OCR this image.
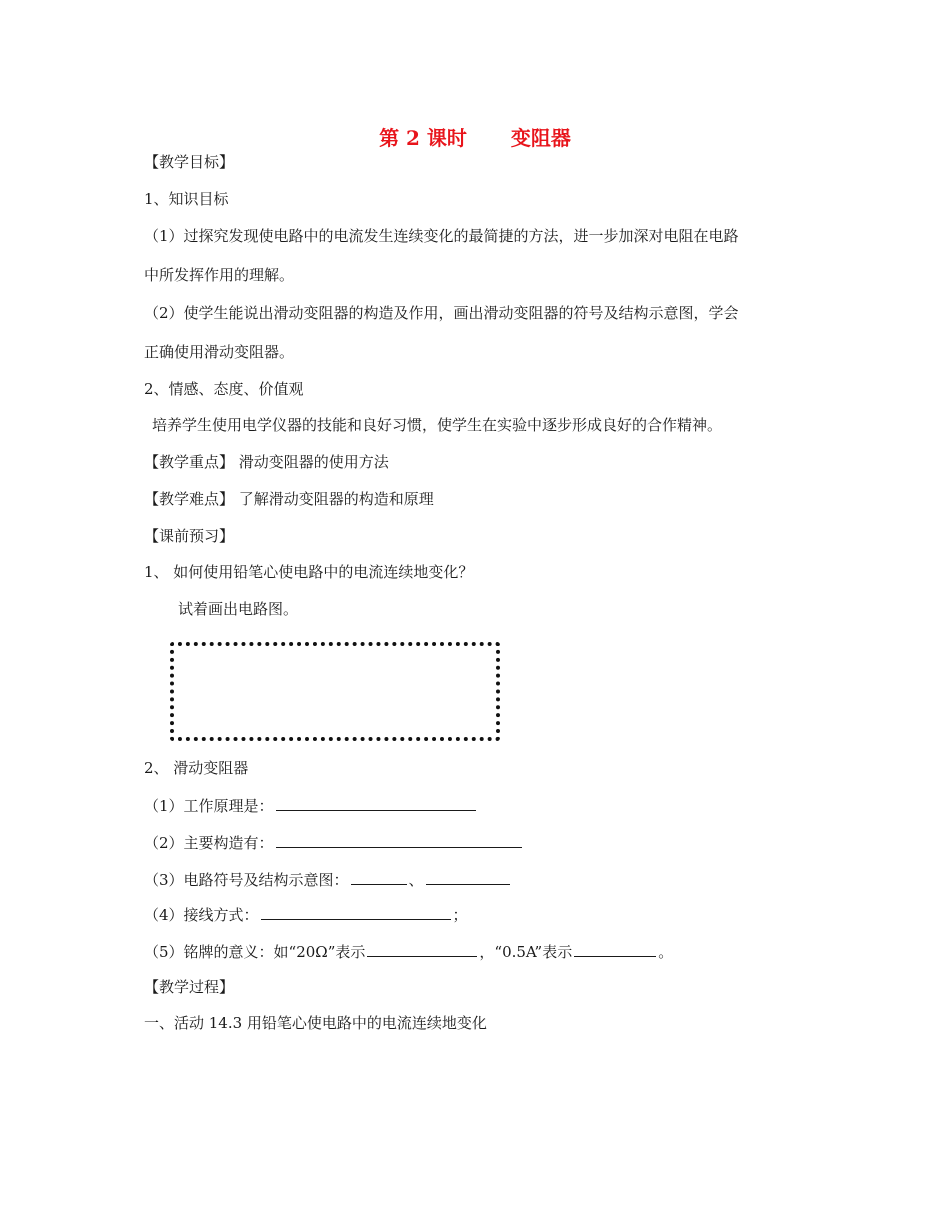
第 2 课时 变阻器
【教学目标】
1、知识目标
（1）过探究发现使电路中的电流发生连续变化的最简捷的方法，进一步加深对电阻在电路
中所发挥作用的理解。
（2）使学生能说出滑动变阻器的构造及作用，画出滑动变阻器的符号及结构示意图，学会
正确使用滑动变阻器。
2、情感、态度、价值观
培养学生使用电学仪器的技能和良好习惯，使学生在实验中逐步形成良好的合作精神。
【教学重点】 滑动变阻器的使用方法
【教学难点】 了解滑动变阻器的构造和原理
【课前预习】
1、 如何使用铅笔心使电路中的电流连续地变化？
试着画出电路图。
2、 滑动变阻器
（1）工作原理是：
（2）主要构造有：
（3）电路符号及结构示意图：	、
（4）接线方式：	；
（5）铭牌的意义：如“20Ω”表示	，“0.5A”表示	。
【教学过程】
一、活动 14.3 用铅笔心使电路中的电流连续地变化
